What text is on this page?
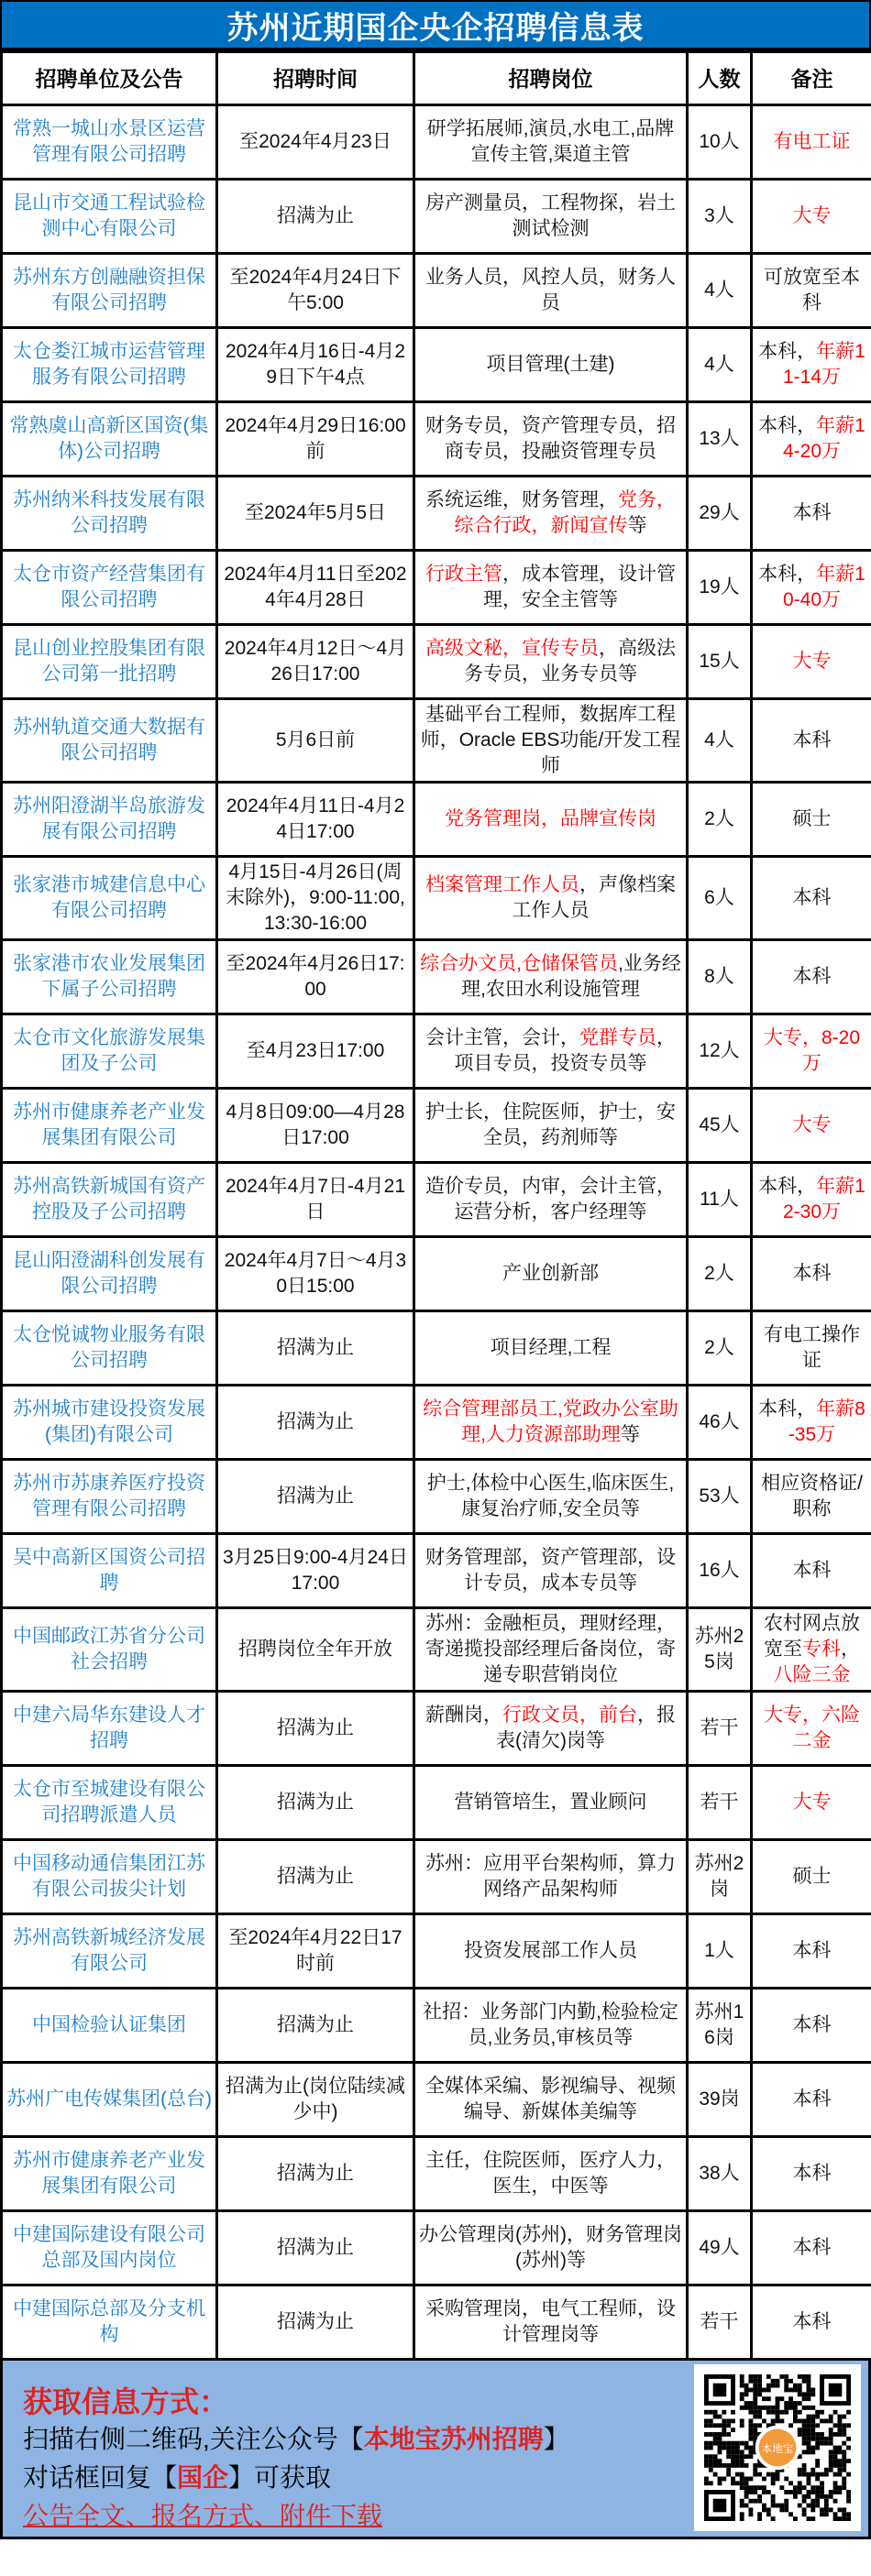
苏州近期国企央企招聘信息表
招聘单位及公告	招聘时间	招聘岗位	人数	备注
常熟一城山水景区运营管理有限公司招聘	至2024年4月23日	研学拓展师,演员,水电工,品牌宣传主管,渠道主管	10人	有电工证
昆山市交通工程试验检测中心有限公司	招满为止	房产测量员，工程物探，岩土测试检测	3人	大专
苏州东方创融融资担保有限公司招聘	至2024年4月24日下午5:00	业务人员，风控人员，财务人员	4人	可放宽至本科
太仓娄江城市运营管理服务有限公司招聘	2024年4月16日-4月29日下午4点	项目管理(土建)	4人	本科，年薪11-14万
常熟虞山高新区国资(集体)公司招聘	2024年4月29日16:00前	财务专员，资产管理专员，招商专员，投融资管理专员	13人	本科，年薪14-20万
苏州纳米科技发展有限公司招聘	至2024年5月5日	系统运维，财务管理，党务，综合行政，新闻宣传等	29人	本科
太仓市资产经营集团有限公司招聘	2024年4月11日至2024年4月28日	行政主管，成本管理，设计管理，安全主管等	19人	本科，年薪10-40万
昆山创业控股集团有限公司第一批招聘	2024年4月12日～4月26日17:00	高级文秘，宣传专员，高级法务专员，业务专员等	15人	大专
苏州轨道交通大数据有限公司招聘	5月6日前	基础平台工程师，数据库工程师，Oracle EBS功能/开发工程师	4人	本科
苏州阳澄湖半岛旅游发展有限公司招聘	2024年4月11日-4月24日17:00	党务管理岗，品牌宣传岗	2人	硕士
张家港市城建信息中心有限公司招聘	4月15日-4月26日(周末除外)，9:00-11:00,13:30-16:00	档案管理工作人员，声像档案工作人员	6人	本科
张家港市农业发展集团下属子公司招聘	至2024年4月26日17:00	综合办文员,仓储保管员,业务经理,农田水利设施管理	8人	本科
太仓市文化旅游发展集团及子公司	至4月23日17:00	会计主管，会计，党群专员，项目专员，投资专员等	12人	大专，8-20万
苏州市健康养老产业发展集团有限公司	4月8日09:00—4月28日17:00	护士长，住院医师，护士，安全员，药剂师等	45人	大专
苏州高铁新城国有资产控股及子公司招聘	2024年4月7日-4月21日	造价专员，内审，会计主管，运营分析，客户经理等	11人	本科，年薪12-30万
昆山阳澄湖科创发展有限公司招聘	2024年4月7日～4月30日15:00	产业创新部	2人	本科
太仓悦诚物业服务有限公司招聘	招满为止	项目经理,工程	2人	有电工操作证
苏州城市建设投资发展(集团)有限公司	招满为止	综合管理部员工,党政办公室助理,人力资源部助理等	46人	本科，年薪8-35万
苏州市苏康养医疗投资管理有限公司招聘	招满为止	护士,体检中心医生,临床医生,康复治疗师,安全员等	53人	相应资格证/职称
吴中高新区国资公司招聘	3月25日9:00-4月24日17:00	财务管理部，资产管理部，设计专员，成本专员等	16人	本科
中国邮政江苏省分公司社会招聘	招聘岗位全年开放	苏州：金融柜员，理财经理，寄递揽投部经理后备岗位，寄递专职营销岗位	苏州25岗	农村网点放宽至专科，八险三金
中建六局华东建设人才招聘	招满为止	薪酬岗，行政文员，前台，报表(清欠)岗等	若干	大专，六险二金
太仓市至城建设有限公司招聘派遣人员	招满为止	营销管培生，置业顾问	若干	大专
中国移动通信集团江苏有限公司拔尖计划	招满为止	苏州：应用平台架构师，算力网络产品架构师	苏州2岗	硕士
苏州高铁新城经济发展有限公司	至2024年4月22日17时前	投资发展部工作人员	1人	本科
中国检验认证集团	招满为止	社招：业务部门内勤,检验检定员,业务员,审核员等	苏州16岗	本科
苏州广电传媒集团(总台)	招满为止(岗位陆续减少中)	全媒体采编、影视编导、视频编导、新媒体美编等	39岗	本科
苏州市健康养老产业发展集团有限公司	招满为止	主任，住院医师，医疗人力，医生，中医等	38人	本科
中建国际建设有限公司总部及国内岗位	招满为止	办公管理岗(苏州)，财务管理岗(苏州)等	49人	本科
中建国际总部及分支机构	招满为止	采购管理岗，电气工程师，设计管理岗等	若干	本科
获取信息方式：
扫描右侧二维码,关注公众号【本地宝苏州招聘】
对话框回复【国企】可获取
公告全文、报名方式、附件下载
本地宝
